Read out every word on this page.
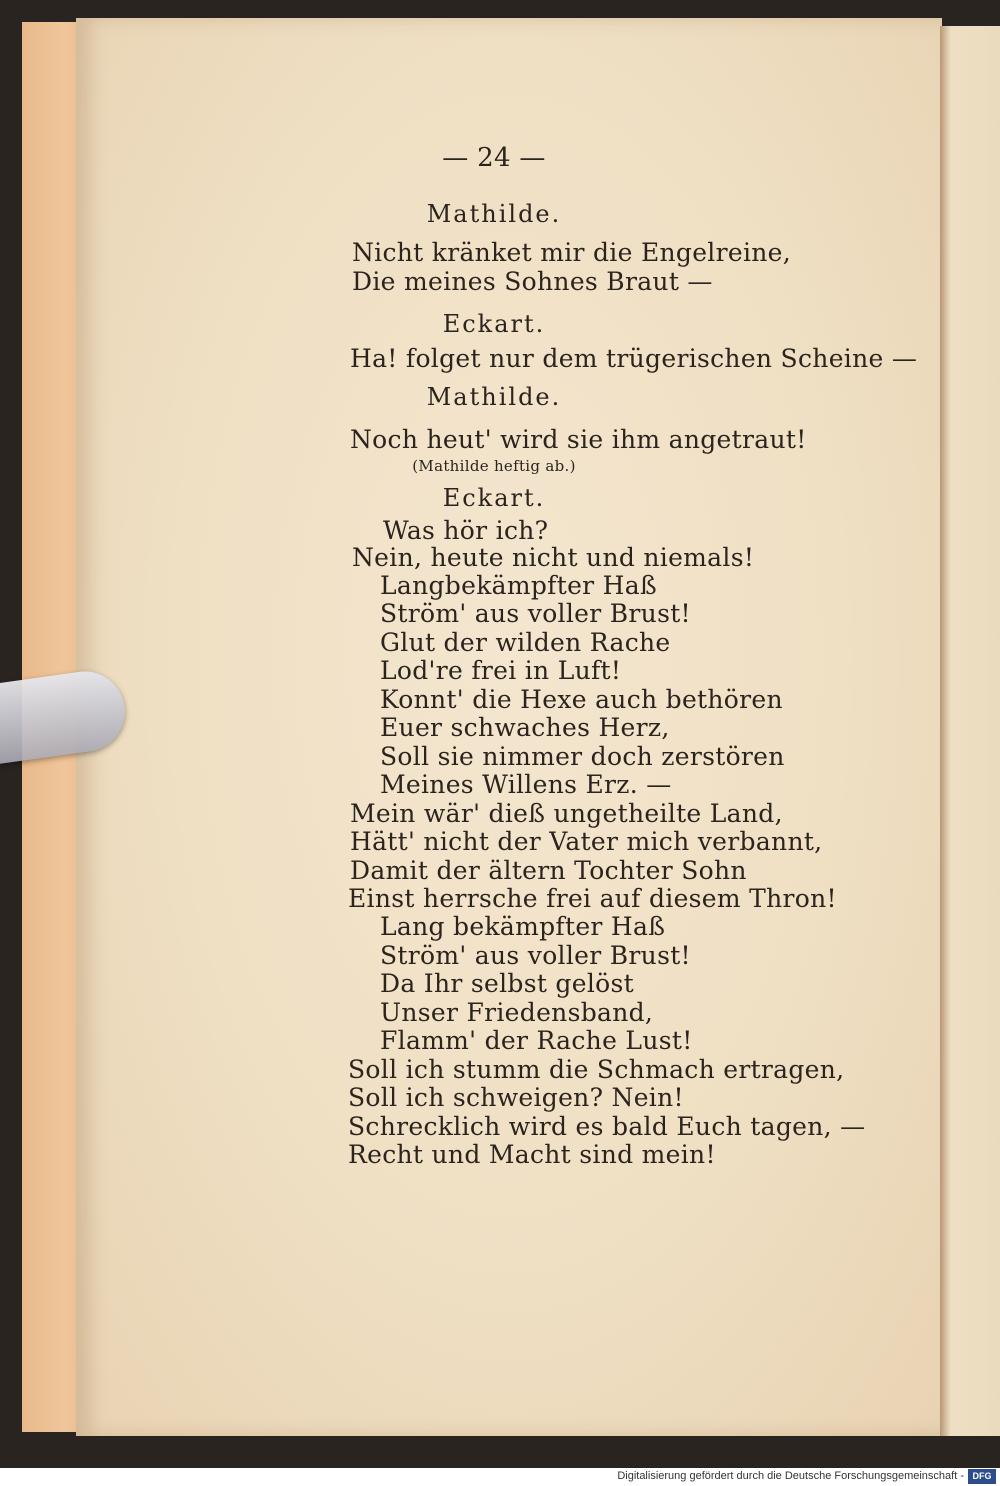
— 24 —
Mathilde.
Nicht kränket mir die Engelreine,
Die meines Sohnes Braut —
Eckart.
Ha! folget nur dem trügerischen Scheine —
Mathilde.
Noch heut' wird sie ihm angetraut!
(Mathilde heftig ab.)
Eckart.
Was hör ich?
Nein, heute nicht und niemals!
Langbekämpfter Haß
Ström' aus voller Brust!
Glut der wilden Rache
Lod're frei in Luft!
Konnt' die Hexe auch bethören
Euer schwaches Herz,
Soll sie nimmer doch zerstören
Meines Willens Erz. —
Mein wär' dieß ungetheilte Land,
Hätt' nicht der Vater mich verbannt,
Damit der ältern Tochter Sohn
Einst herrsche frei auf diesem Thron!
Lang bekämpfter Haß
Ström' aus voller Brust!
Da Ihr selbst gelöst
Unser Friedensband,
Flamm' der Rache Lust!
Soll ich stumm die Schmach ertragen,
Soll ich schweigen? Nein!
Schrecklich wird es bald Euch tagen, —
Recht und Macht sind mein!
Digitalisierung gefördert durch die Deutsche Forschungsgemeinschaft - DFG
